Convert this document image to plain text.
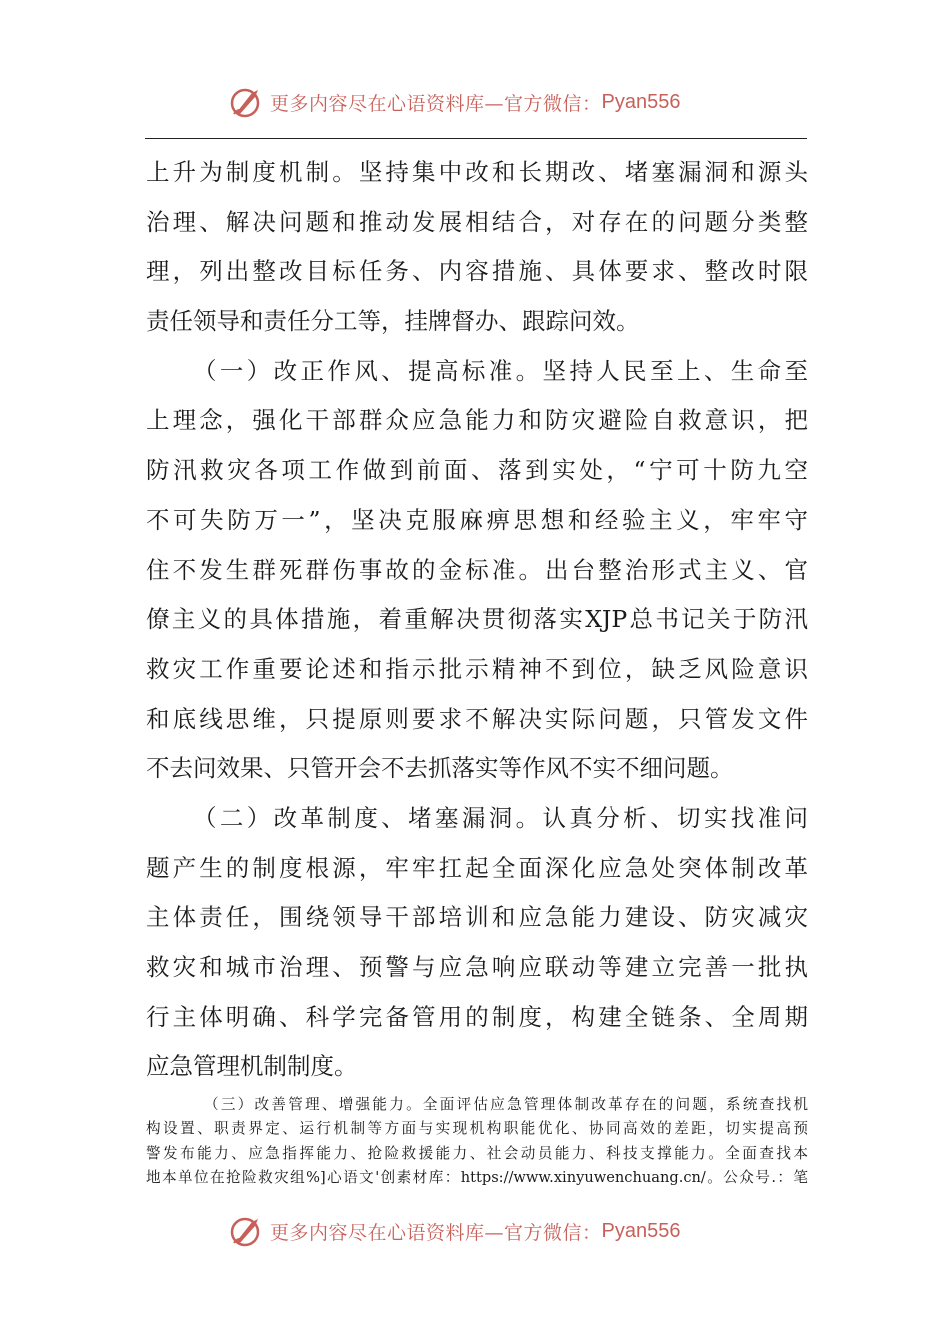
更多内容尽在心语资料库—官方微信： Pyan556
上升为制度机制。坚持集中改和长期改、堵塞漏洞和源头
治理、解决问题和推动发展相结合，对存在的问题分类整
理，列出整改目标任务、内容措施、具体要求、整改时限
责任领导和责任分工等，挂牌督办、跟踪问效。
（一）改正作风、提高标准。坚持人民至上、生命至
上理念，强化干部群众应急能力和防灾避险自救意识，把
防汛救灾各项工作做到前面、落到实处，“宁可十防九空
不可失防万一”，坚决克服麻痹思想和经验主义，牢牢守
住不发生群死群伤事故的金标准。出台整治形式主义、官
僚主义的具体措施，着重解决贯彻落实XJP总书记关于防汛
救灾工作重要论述和指示批示精神不到位，缺乏风险意识
和底线思维，只提原则要求不解决实际问题，只管发文件
不去问效果、只管开会不去抓落实等作风不实不细问题。
（二）改革制度、堵塞漏洞。认真分析、切实找准问
题产生的制度根源，牢牢扛起全面深化应急处突体制改革
主体责任，围绕领导干部培训和应急能力建设、防灾减灾
救灾和城市治理、预警与应急响应联动等建立完善一批执
行主体明确、科学完备管用的制度，构建全链条、全周期
应急管理机制制度。
（三）改善管理、增强能力。全面评估应急管理体制改革存在的问题，系统查找机
构设置、职责界定、运行机制等方面与实现机构职能优化、协同高效的差距，切实提高预
警发布能力、应急指挥能力、抢险救援能力、社会动员能力、科技支撑能力。全面查找本
地本单位在抢险救灾组%]心语文'创素材库：https://www.xinyuwenchuang.cn/。公众号.：笔
更多内容尽在心语资料库—官方微信： Pyan556
